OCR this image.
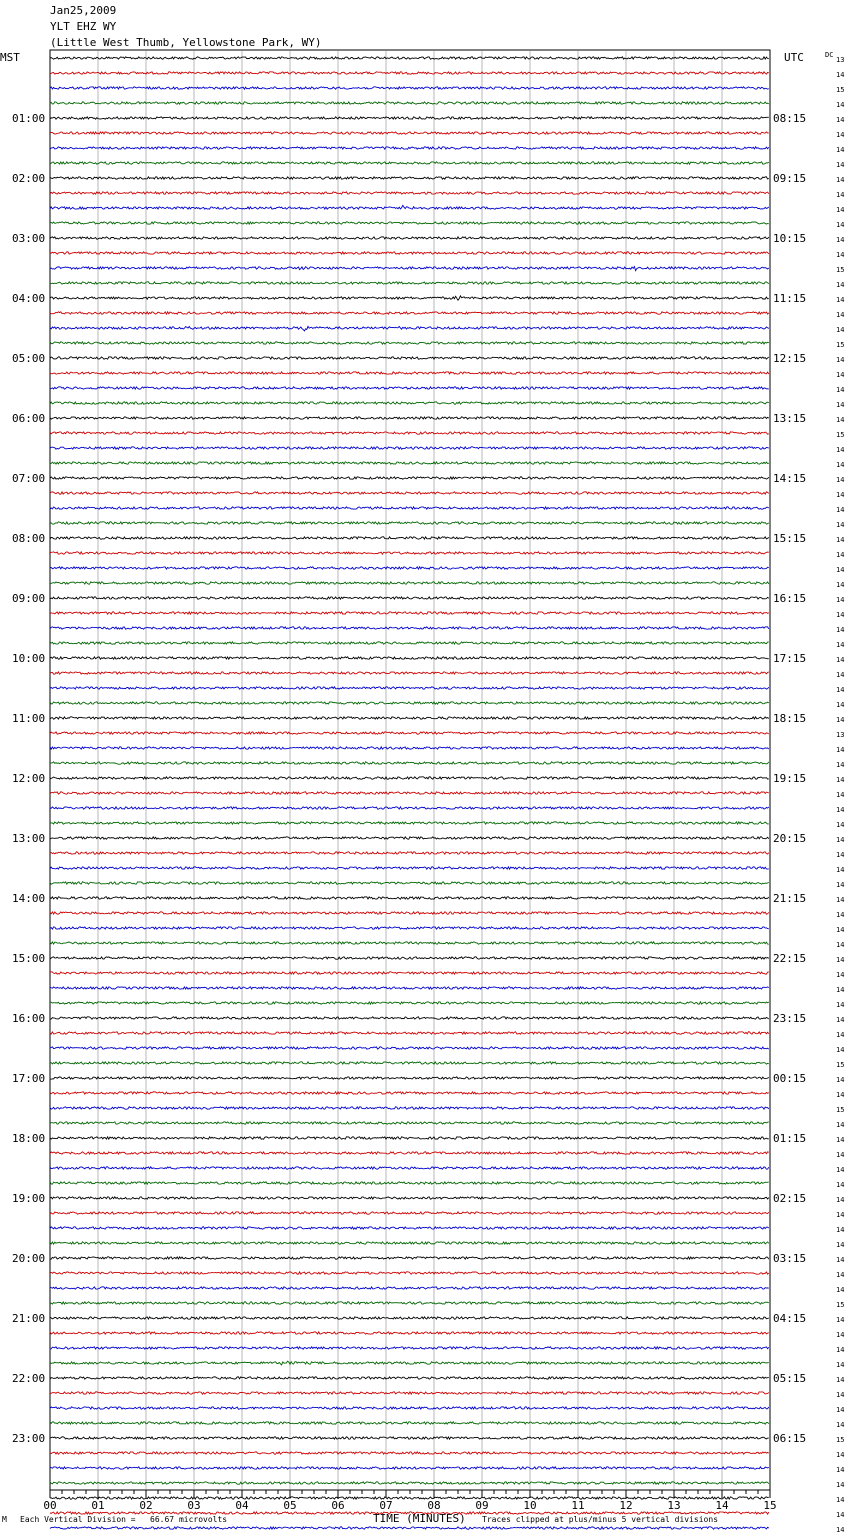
Jan25,2009
YLT EHZ WY
(Little West Thumb, Yellowstone Park, WY)
13
14
15
14
14
14
14
14
14
14
14
14
14
14
15
14
14
14
14
15
14
14
14
14
14
15
14
14
14
14
14
14
14
14
14
14
14
14
14
14
14
14
14
14
14
13
14
14
14
14
14
14
14
14
14
14
14
14
14
14
14
14
14
14
14
14
14
15
14
14
15
14
14
14
14
14
14
14
14
14
14
14
14
15
14
14
14
14
14
14
14
14
15
14
14
14
14
14
14
MST	UTC	DC
01:00	08:15
02:00	09:15
03:00	10:15
04:00	11:15
05:00	12:15
06:00	13:15
07:00	14:15
08:00	15:15
09:00	16:15
10:00	17:15
11:00	18:15
12:00	19:15
13:00	20:15
14:00	21:15
15:00	22:15
16:00	23:15
17:00	00:15
18:00	01:15
19:00	02:15
20:00	03:15
21:00	04:15
22:00	05:15
23:00	06:15
00	01	02	03	04	05	06	07	08	09	10	11	12	13	14	15
TIME (MINUTES)
M Each Vertical Division =   66.67 microvolts	Traces clipped at plus/minus 5 vertical divisions
